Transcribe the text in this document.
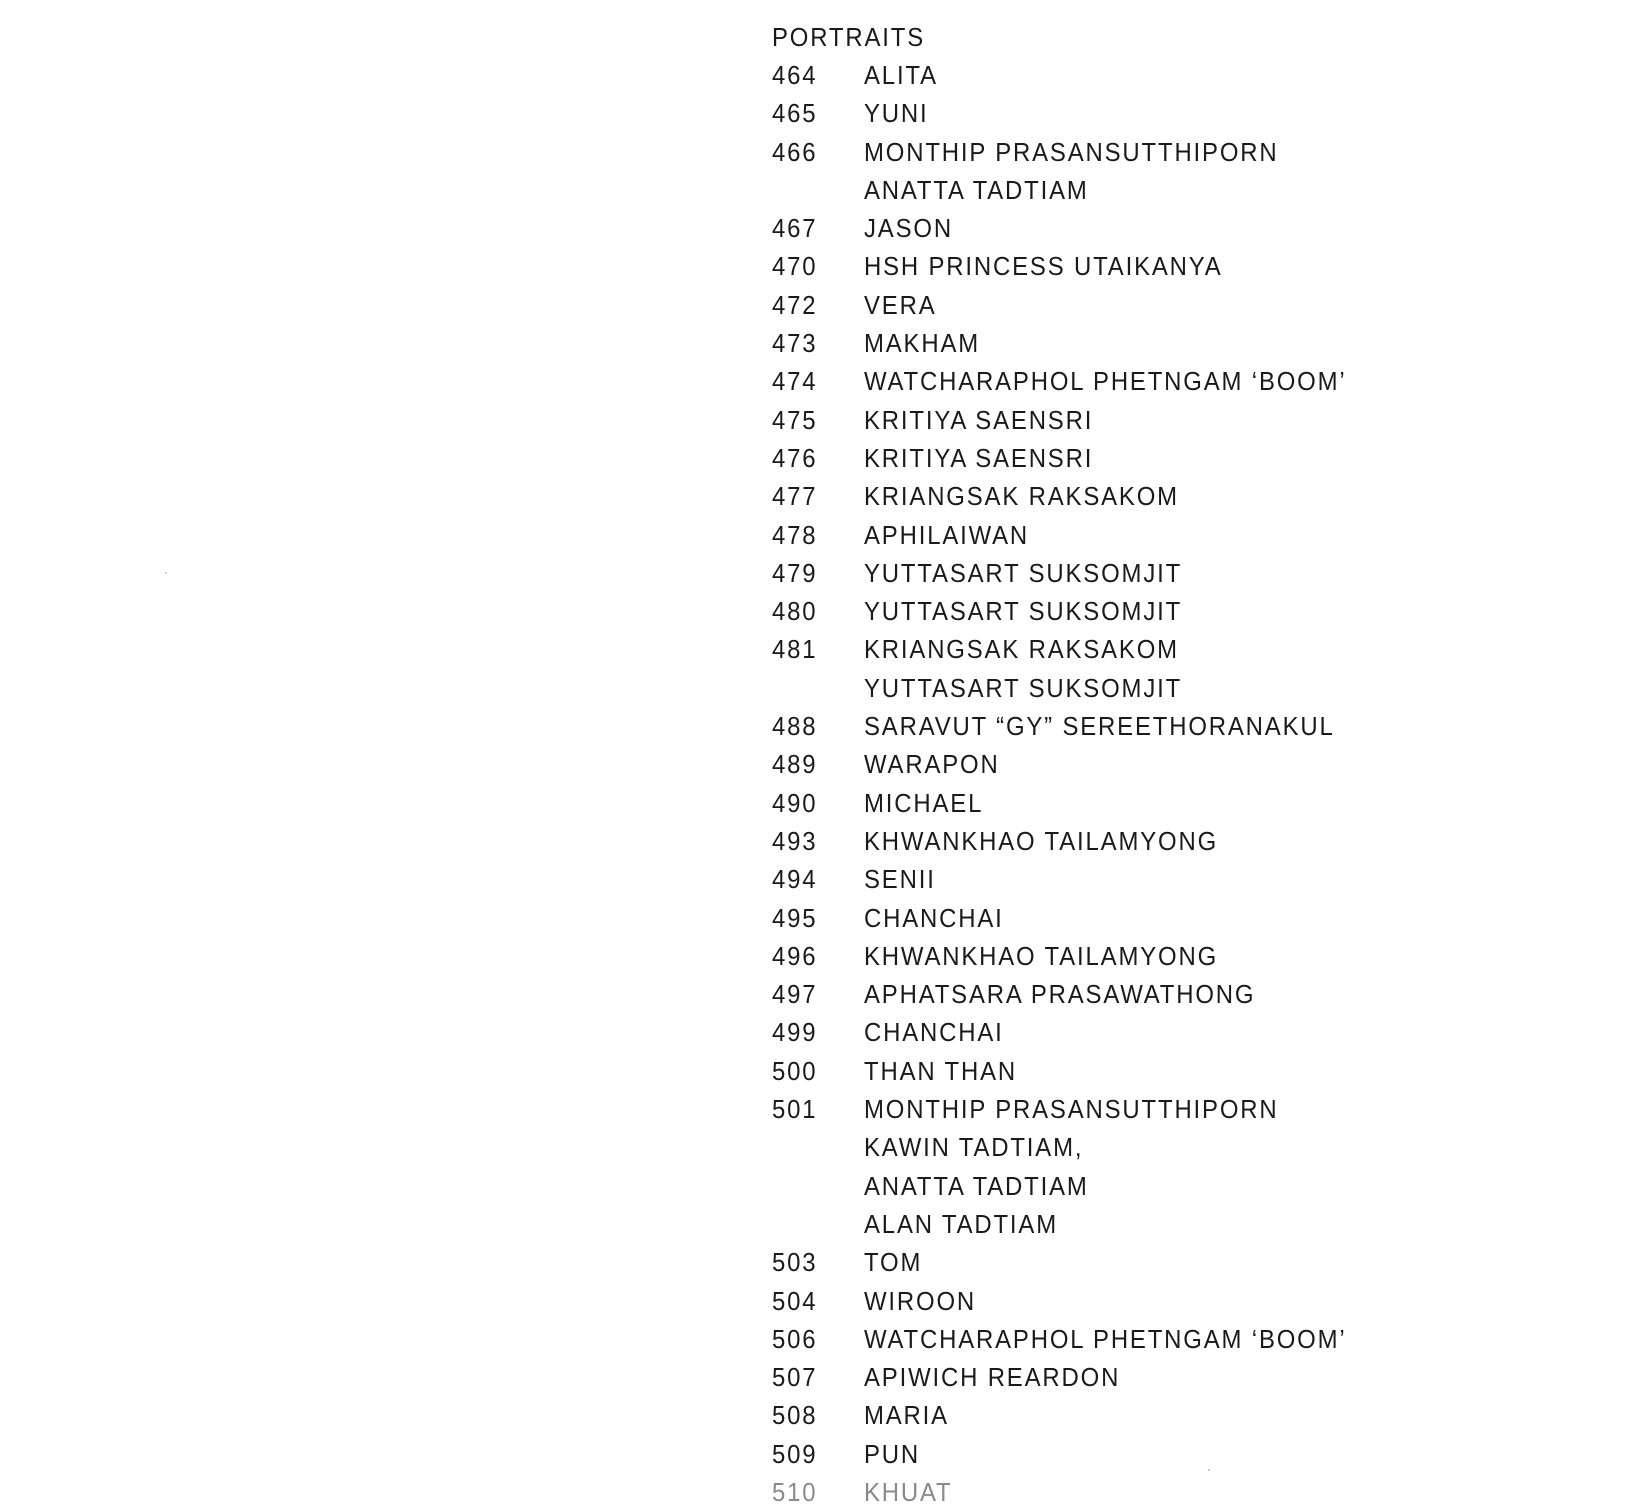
PORTRAITS
464	ALITA
465	YUNI
466	MONTHIP PRASANSUTTHIPORN
ANATTA TADTIAM
467	JASON
470	HSH PRINCESS UTAIKANYA
472	VERA
473	MAKHAM
474	WATCHARAPHOL PHETNGAM ‘BOOM’
475	KRITIYA SAENSRI
476	KRITIYA SAENSRI
477	KRIANGSAK RAKSAKOM
478	APHILAIWAN
479	YUTTASART SUKSOMJIT
480	YUTTASART SUKSOMJIT
481	KRIANGSAK RAKSAKOM
YUTTASART SUKSOMJIT
488	SARAVUT “GY” SEREETHORANAKUL
489	WARAPON
490	MICHAEL
493	KHWANKHAO TAILAMYONG
494	SENII
495	CHANCHAI
496	KHWANKHAO TAILAMYONG
497	APHATSARA PRASAWATHONG
499	CHANCHAI
500	THAN THAN
501	MONTHIP PRASANSUTTHIPORN
KAWIN TADTIAM,
ANATTA TADTIAM
ALAN TADTIAM
503	TOM
504	WIROON
506	WATCHARAPHOL PHETNGAM ‘BOOM’
507	APIWICH REARDON
508	MARIA
509	PUN
510	KHUAT
